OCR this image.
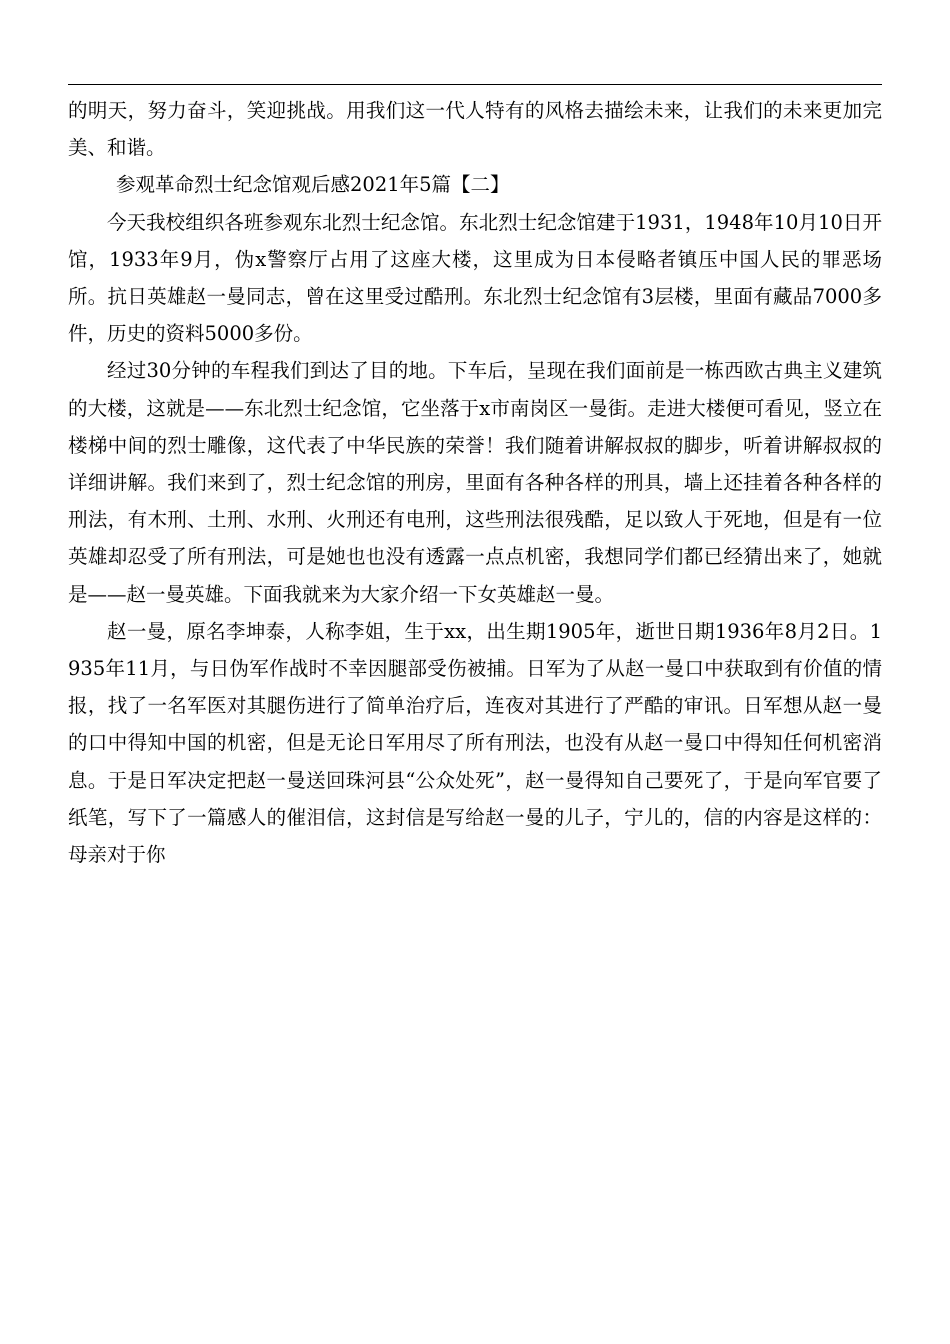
的明天，努力奋斗，笑迎挑战。用我们这一代人特有的风格去描绘未来，让我们的未来更加完美、和谐。

参观革命烈士纪念馆观后感2021年5篇【二】

今天我校组织各班参观东北烈士纪念馆。东北烈士纪念馆建于1931，1948年10月10日开馆，1933年9月，伪x警察厅占用了这座大楼，这里成为日本侵略者镇压中国人民的罪恶场所。抗日英雄赵一曼同志，曾在这里受过酷刑。东北烈士纪念馆有3层楼，里面有藏品7000多件，历史的资料5000多份。

经过30分钟的车程我们到达了目的地。下车后，呈现在我们面前是一栋西欧古典主义建筑的大楼，这就是——东北烈士纪念馆，它坐落于x市南岗区一曼街。走进大楼便可看见，竖立在楼梯中间的烈士雕像，这代表了中华民族的荣誉！我们随着讲解叔叔的脚步，听着讲解叔叔的详细讲解。我们来到了，烈士纪念馆的刑房，里面有各种各样的刑具，墙上还挂着各种各样的刑法，有木刑、土刑、水刑、火刑还有电刑，这些刑法很残酷，足以致人于死地，但是有一位英雄却忍受了所有刑法，可是她也也没有透露一点点机密，我想同学们都已经猜出来了，她就是——赵一曼英雄。下面我就来为大家介绍一下女英雄赵一曼。

赵一曼，原名李坤泰，人称李姐，生于xx，出生期1905年，逝世日期1936年8月2日。1935年11月，与日伪军作战时不幸因腿部受伤被捕。日军为了从赵一曼口中获取到有价值的情报，找了一名军医对其腿伤进行了简单治疗后，连夜对其进行了严酷的审讯。日军想从赵一曼的口中得知中国的机密，但是无论日军用尽了所有刑法，也没有从赵一曼口中得知任何机密消息。于是日军决定把赵一曼送回珠河县“公众处死”，赵一曼得知自己要死了，于是向军官要了纸笔，写下了一篇感人的催泪信，这封信是写给赵一曼的儿子，宁儿的，信的内容是这样的：母亲对于你
